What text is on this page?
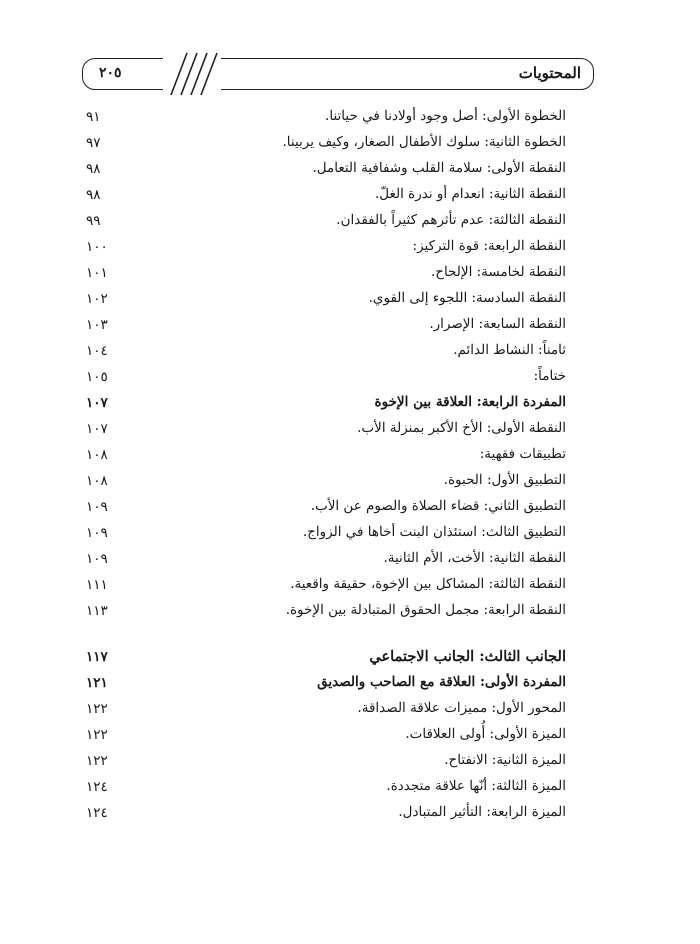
المحتويات
٢٠٥
الخطوة الأولى: أصل وجود أولادنا في حياتنا.
٩١
الخطوة الثانية: سلوك الأطفال الصغار، وكيف يربينا.
٩٧
النقطة الأولى: سلامة القلب وشفافية التعامل.
٩٨
النقطة الثانية: انعدام أو ندرة الغلّ.
٩٨
النقطة الثالثة: عدم تأثرهم كثيراً بالفقدان.
٩٩
النقطة الرابعة: قوة التركيز:
١٠٠
النقطة لخامسة: الإلحاح.
١٠١
النقطة السادسة: اللجوء إلى القوي.
١٠٢
النقطة السابعة: الإصرار.
١٠٣
ثامناً: النشاط الدائم.
١٠٤
ختاماً:
١٠٥
المفردة الرابعة: العلاقة بين الإخوة
١٠٧
النقطة الأولى: الأخ الأكبر بمنزلة الأب.
١٠٧
تطبيقات فقهية:
١٠٨
التطبيق الأول: الحبوة.
١٠٨
التطبيق الثاني: قضاء الصلاة والصوم عن الأب.
١٠٩
التطبيق الثالث: استئذان البنت أخاها في الزواج.
١٠٩
النقطة الثانية: الأخت، الأم الثانية.
١٠٩
النقطة الثالثة: المشاكل بين الإخوة، حقيقة واقعية.
١١١
النقطة الرابعة: مجمل الحقوق المتبادلة بين الإخوة.
١١٣
الجانب الثالث: الجانب الاجتماعي
١١٧
المفردة الأولى: العلاقة مع الصاحب والصديق
١٢١
المحور الأول: مميزات علاقة الصداقة.
١٢٢
الميزة الأولى: أُولى العلاقات.
١٢٢
الميزة الثانية: الانفتاح.
١٢٢
الميزة الثالثة: أنّها علاقة متجددة.
١٢٤
الميزة الرابعة: التأثير المتبادل.
١٢٤
